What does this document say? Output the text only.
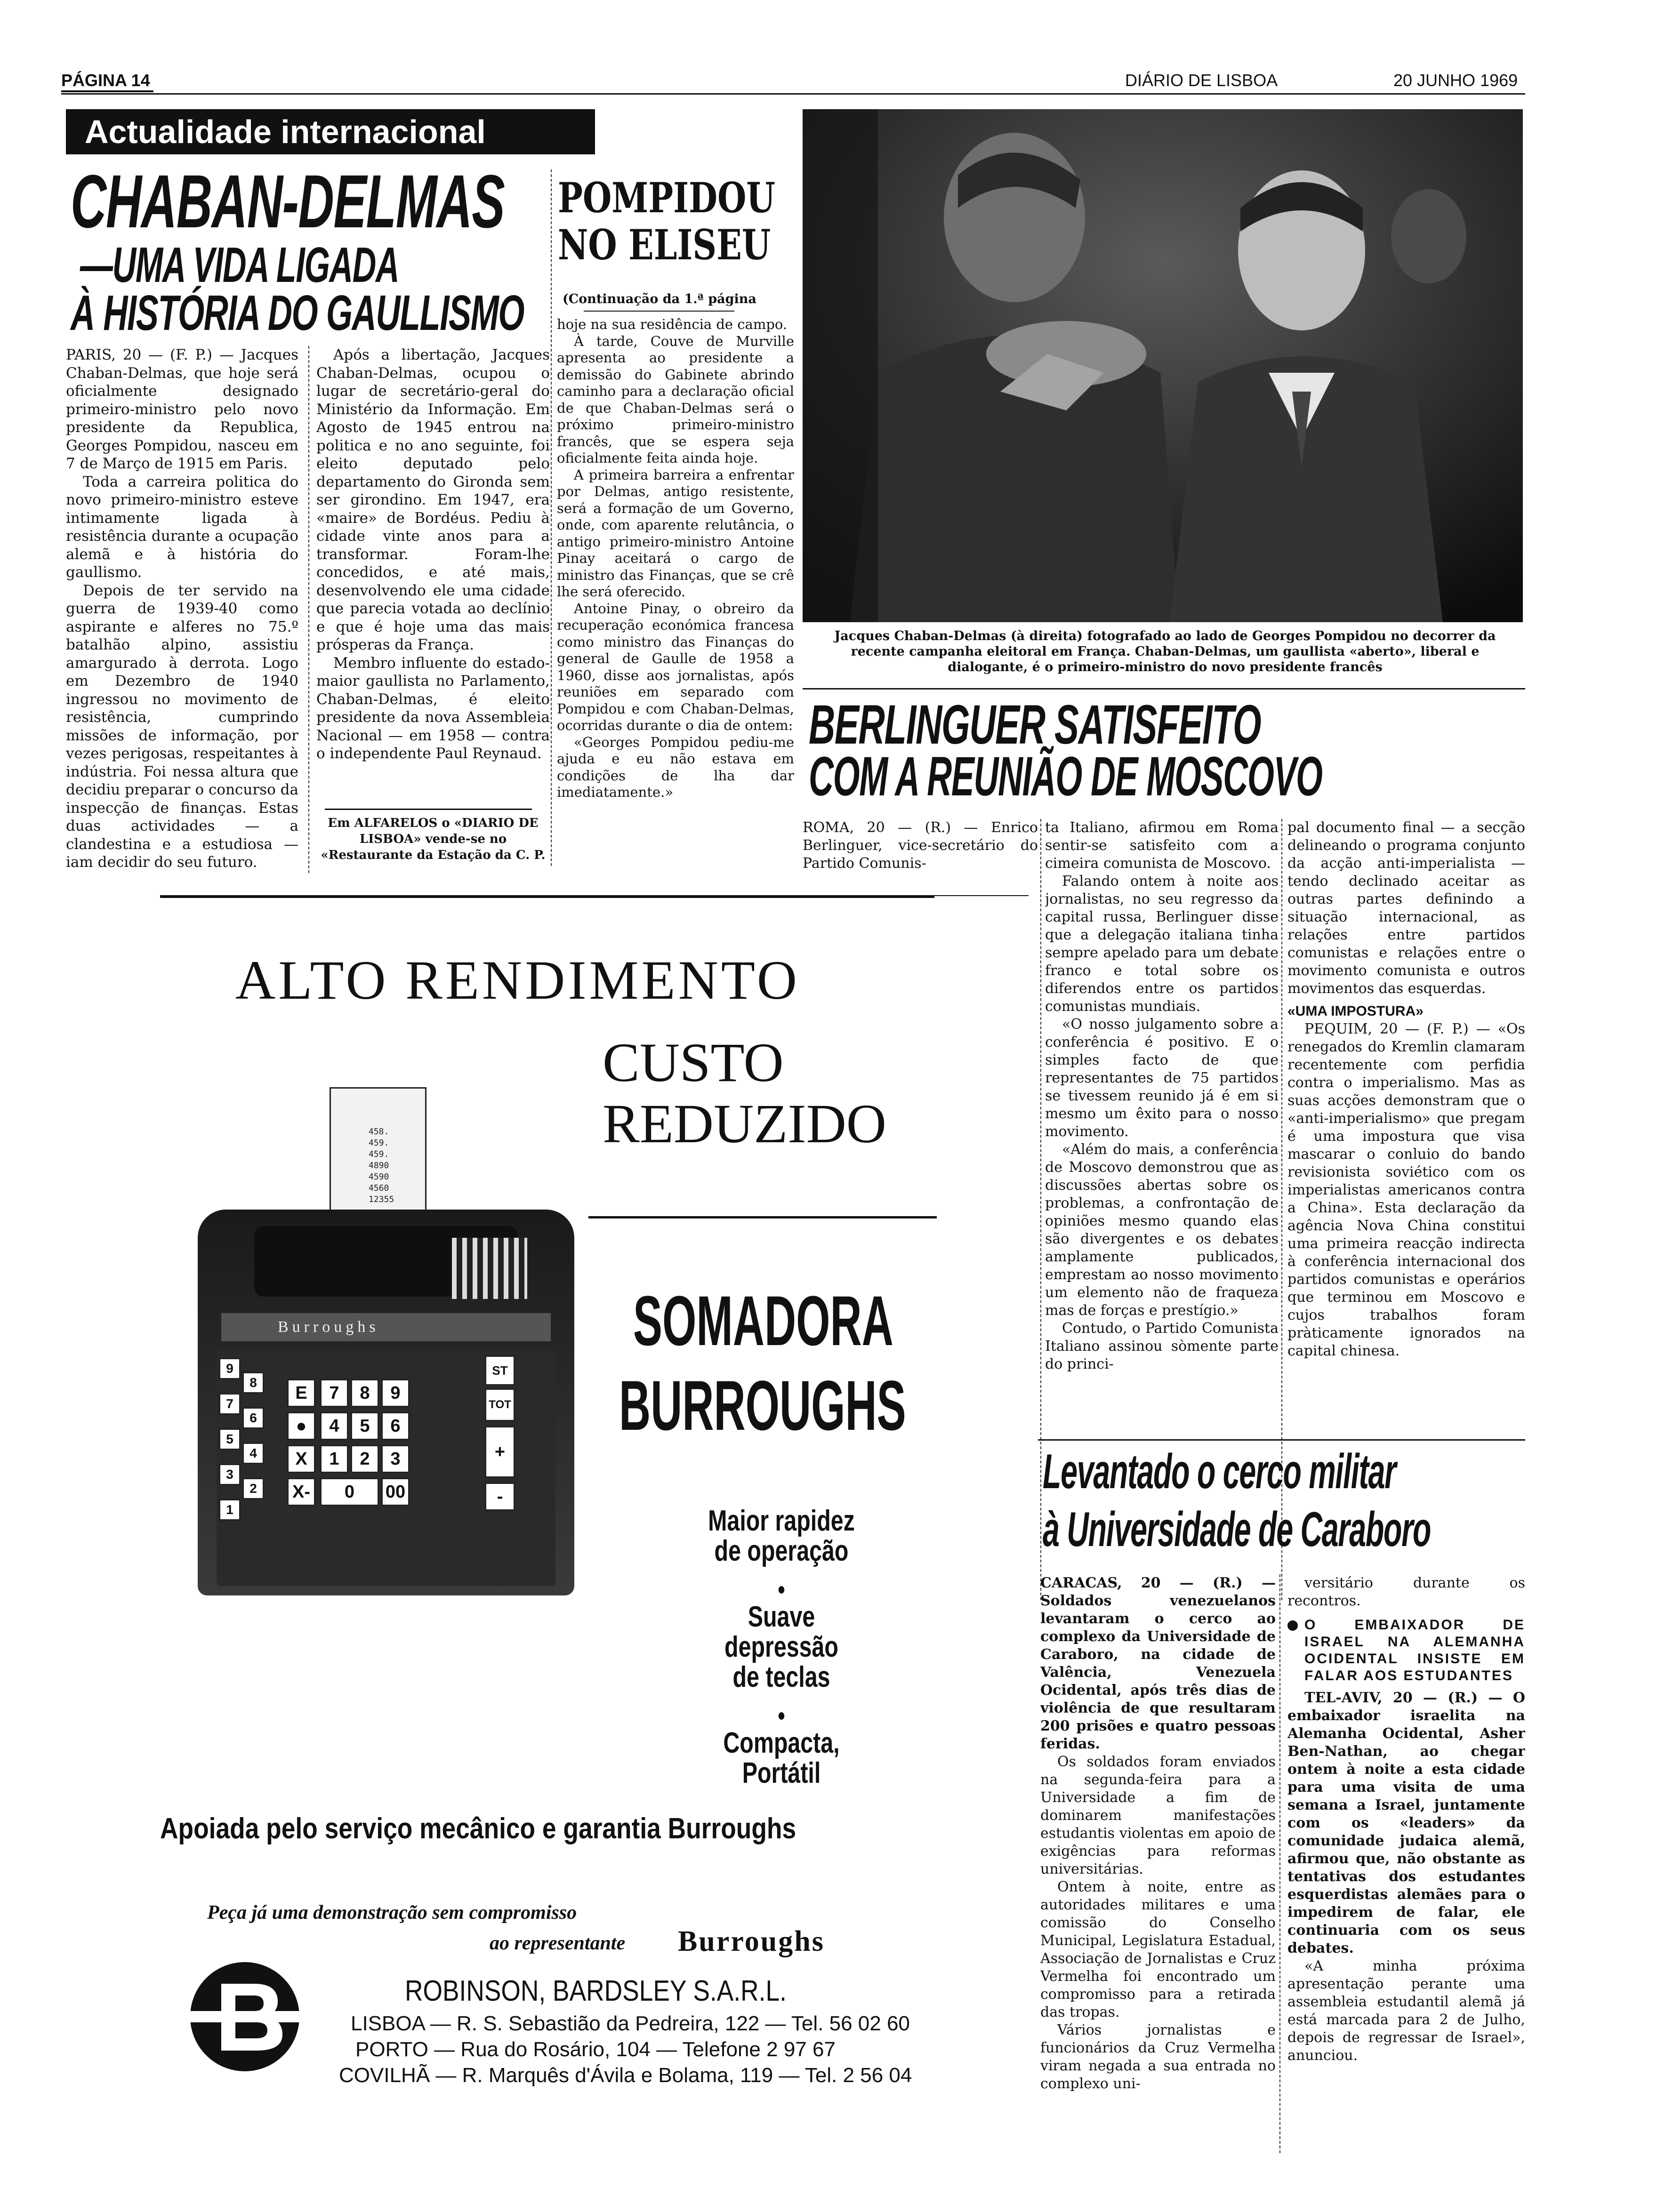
PÁGINA 14	DIÁRIO DE LISBOA	20 JUNHO 1969
Actualidade internacional
CHABAN-DELMAS
—UMA VIDA LIGADA
À HISTÓRIA DO GAULLISMO

PARIS, 20 — (F. P.) — Jacques Chaban-Delmas, que hoje será oficialmente designado primeiro-ministro pelo novo presidente da Republica, Georges Pompidou, nasceu em 7 de Março de 1915 em Paris.

Toda a carreira politica do novo primeiro-ministro esteve intimamente ligada à resistência durante a ocupação alemã e à história do gaullismo.

Depois de ter servido na guerra de 1939-40 como aspirante e alferes no 75.º batalhão alpino, assistiu amargurado à derrota. Logo em Dezembro de 1940 ingressou no movimento de resistência, cumprindo missões de informação, por vezes perigosas, respeitantes à indústria. Foi nessa altura que decidiu preparar o concurso da inspecção de finanças. Estas duas actividades — a clandestina e a estudiosa — iam decidir do seu futuro.

Após a libertação, Jacques Chaban-Delmas, ocupou o lugar de secretário-geral do Ministério da Informação. Em Agosto de 1945 entrou na politica e no ano seguinte, foi eleito deputado pelo departamento do Gironda sem ser girondino. Em 1947, era «maire» de Bordéus. Pediu à cidade vinte anos para a transformar. Foram-lhe concedidos, e até mais, desenvolvendo ele uma cidade que parecia votada ao declínio e que é hoje uma das mais prósperas da França.

Membro influente do estado-maior gaullista no Parlamento, Chaban-Delmas, é eleito presidente da nova Assembleia Nacional — em 1958 — contra o independente Paul Reynaud.

Em ALFARELOS o «DIARIO DE LISBOA» vende-se no «Restaurante da Estação da C. P.

POMPIDOU
NO ELISEU
(Continuação da 1.ª página

hoje na sua residência de campo.

À tarde, Couve de Murville apresenta ao presidente a demissão do Gabinete abrindo caminho para a declaração oficial de que Chaban-Delmas será o próximo primeiro-ministro francês, que se espera seja oficialmente feita ainda hoje.

A primeira barreira a enfrentar por Delmas, antigo resistente, será a formação de um Governo, onde, com aparente relutância, o antigo primeiro-ministro Antoine Pinay aceitará o cargo de ministro das Finanças, que se crê lhe será oferecido.

Antoine Pinay, o obreiro da recuperação económica francesa como ministro das Finanças do general de Gaulle de 1958 a 1960, disse aos jornalistas, após reuniões em separado com Pompidou e com Chaban-Delmas, ocorridas durante o dia de ontem:

«Georges Pompidou pediu-me ajuda e eu não estava em condições de lha dar imediatamente.»

Jacques Chaban-Delmas (à direita) fotografado ao lado de Georges Pompidou no decorrer da recente campanha eleitoral em França. Chaban-Delmas, um gaullista «aberto», liberal e dialogante, é o primeiro-ministro do novo presidente francês
BERLINGUER SATISFEITO
COM A REUNIÃO DE MOSCOVO

ROMA, 20 — (R.) — Enrico Berlinguer, vice-secretário do Partido Comunis-

ta Italiano, afirmou em Roma sentir-se satisfeito com a cimeira comunista de Moscovo.

Falando ontem à noite aos jornalistas, no seu regresso da capital russa, Berlinguer disse que a delegação italiana tinha sempre apelado para um debate franco e total sobre os diferendos entre os partidos comunistas mundiais.

«O nosso julgamento sobre a conferência é positivo. E o simples facto de que representantes de 75 partidos se tivessem reunido já é em si mesmo um êxito para o nosso movimento.

«Além do mais, a conferência de Moscovo demonstrou que as discussões abertas sobre os problemas, a confrontação de opiniões mesmo quando elas são divergentes e os debates amplamente publicados, emprestam ao nosso movimento um elemento não de fraqueza mas de forças e prestígio.»

Contudo, o Partido Comunista Italiano assinou sòmente parte do princi-

pal documento final — a secção delineando o programa conjunto da acção anti-imperialista — tendo declinado aceitar as outras partes definindo a situação internacional, as relações entre partidos comunistas e relações entre o movimento comunista e outros movimentos das esquerdas.

«UMA IMPOSTURA»

PEQUIM, 20 — (F. P.) — «Os renegados do Kremlin clamaram recentemente com perfidia contra o imperialismo. Mas as suas acções demonstram que o «anti-imperialismo» que pregam é uma impostura que visa mascarar o conluio do bando revisionista soviético com os imperialistas americanos contra a China». Esta declaração da agência Nova China constitui uma primeira reacção indirecta à conferência internacional dos partidos comunistas e operários que terminou em Moscovo e cujos trabalhos foram pràticamente ignorados na capital chinesa.

Levantado o cerco militar
à Universidade de Caraboro

CARACAS, 20 — (R.) — Soldados venezuelanos levantaram o cerco ao complexo da Universidade de Caraboro, na cidade de Valência, Venezuela Ocidental, após três dias de violência de que resultaram 200 prisões e quatro pessoas feridas.

Os soldados foram enviados na segunda-feira para a Universidade a fim de dominarem manifestações estudantis violentas em apoio de exigências para reformas universitárias.

Ontem à noite, entre as autoridades militares e uma comissão do Conselho Municipal, Legislatura Estadual, Associação de Jornalistas e Cruz Vermelha foi encontrado um compromisso para a retirada das tropas.

Vários jornalistas e funcionários da Cruz Vermelha viram negada a sua entrada no complexo uni-

versitário durante os recontros.

O EMBAIXADOR DE ISRAEL NA ALEMANHA OCIDENTAL INSISTE EM FALAR AOS ESTUDANTES

TEL-AVIV, 20 — (R.) — O embaixador israelita na Alemanha Ocidental, Asher Ben-Nathan, ao chegar ontem à noite a esta cidade para uma visita de uma semana a Israel, juntamente com os «leaders» da comunidade judaica alemã, afirmou que, não obstante as tentativas dos estudantes esquerdistas alemães para o impedirem de falar, ele continuaria com os seus debates.

«A minha próxima apresentação perante uma assembleia estudantil alemã já está marcada para 2 de Julho, depois de regressar de Israel», anunciou.

ALTO RENDIMENTO
CUSTO
REDUZIDO
458.
459.
459.
4890
4590
4560
12355
Burroughs
9
8
7
6
5
4
3
2
1
E	7	8	9
●	4	5	6
X	1	2	3
X-	0	00
ST
TOT
+
-
SOMADORA
BURROUGHS
Maior rapidez
de operação
Suave depressão
de teclas
Compacta, Portátil
Apoiada pelo serviço mecânico e garantia Burroughs
Peça já uma demonstração sem compromisso
ao representante Burroughs
ROBINSON, BARDSLEY S.A.R.L.
LISBOA — R. S. Sebastião da Pedreira, 122 — Tel. 56 02 60
PORTO — Rua do Rosário, 104 — Telefone 2 97 67
COVILHÃ — R. Marquês d'Ávila e Bolama, 119 — Tel. 2 56 04
